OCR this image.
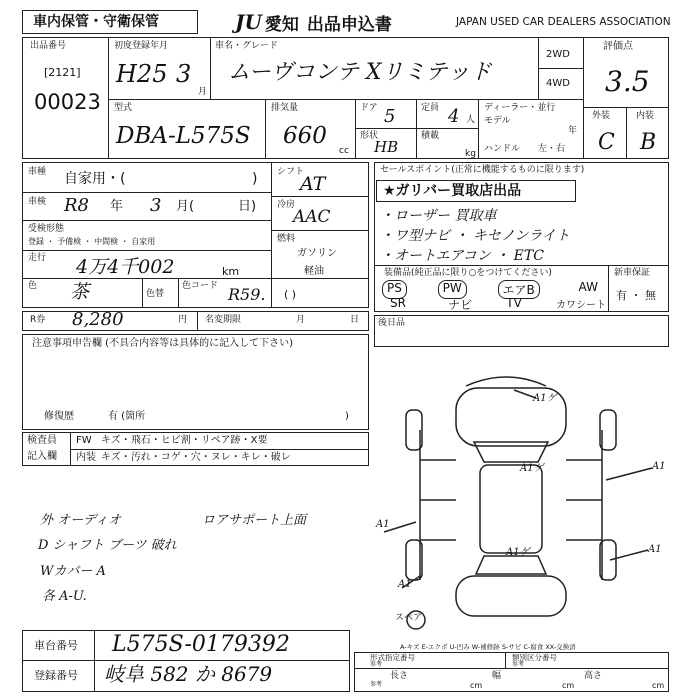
車内保管・守衛保管	JU 愛知 出品申込書	JAPAN USED CAR DEALERS ASSOCIATION
出品番号
[2121]
00023
初度登録年月
H25 3
月
車名・グレード
ムーヴコンテ Xリミテッド
2WD
4WD
評価点
3.5
外装	内装
C B
型式
DBA-L575S
排気量
660
cc
ドア 5
形状
HB
定員 4 人
積載
kg
ディーラー・並行
モデル
年
ハンドル 左・右
車種 自家用・(	)
車検 R8 年 3 月(	日)
受検形態
登録 ・ 予備検 ・ 中間検 ・ 自家用
走行 4万4千002	km
色 茶	色替
色コード R59.
シフト
AT
冷房
AAC
燃料
ガソリン
軽油
( )
R券 8,280	円 名変期限	月	日
注意事項申告欄 (不具合内容等は具体的に記入して下さい)
修復歴	有 (箇所	)
検査員
記入欄
FW キズ・飛石・ヒビ割・リペア跡・X要
内装 キズ・汚れ・コゲ・穴・ヌレ・キレ・破レ
外 オーディオ
D シャフト ブーツ 破れ
Wカバー A
各 A-U.
ロアサポート上面
セールスポイント(正常に機能するものに限ります)
★ガリバー買取店出品
・ローザー 買取車
・ワ型ナビ ・ キセノンライト
・オートエアコン ・ ETC
装備品(純正品に限り○をつけてください)
PS	PW	エアB	AW
SR	ナビ	TV	カワシート
新車保証
有 ・ 無
後日品
A1ゲ
A1ゲ
A1ゲ
A1
A1
A1
A1
スペア
A-キズ E-エクボ U-凹み W-補修跡 S-サビ C-腐食 XX-交換済
車台番号 L575S-0179392
登録番号 岐阜 582 か 8679
形式指定番号
参考
類別区分番号
参考
長さ
cm
幅
cm
高さ
cm
参考
